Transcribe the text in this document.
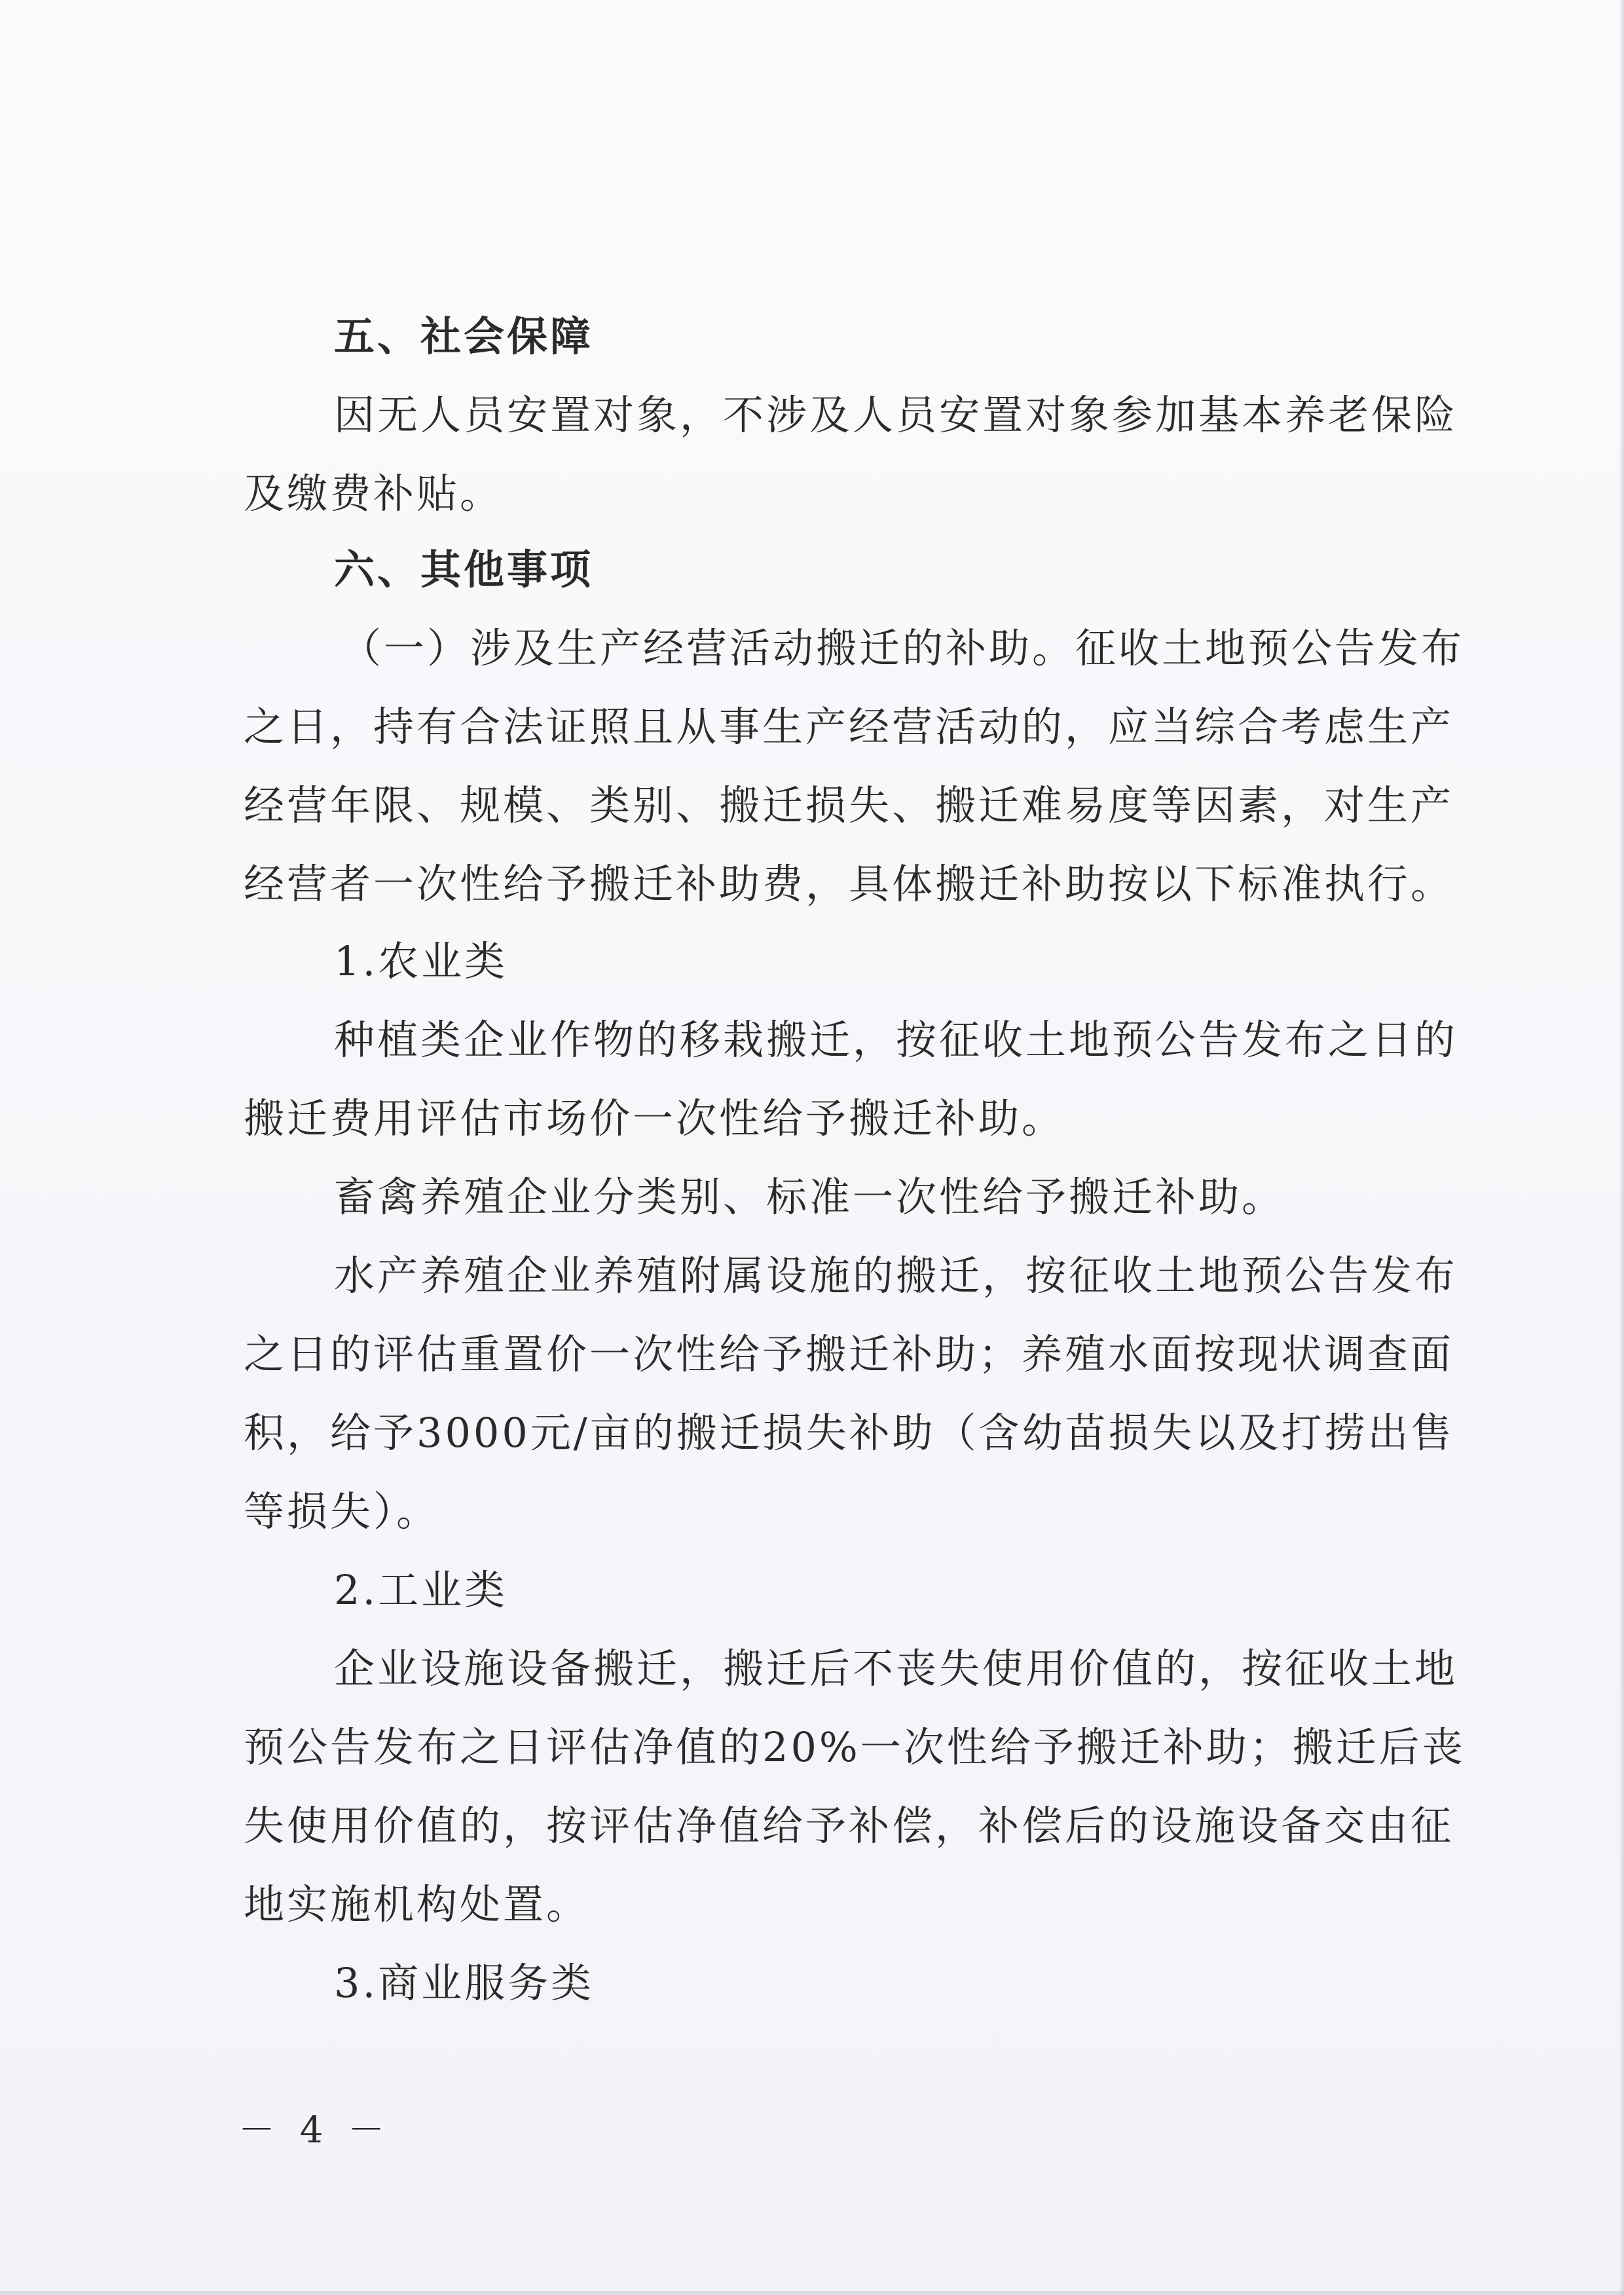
五、社会保障
因无人员安置对象，不涉及人员安置对象参加基本养老保险
及缴费补贴。
六、其他事项
（一）涉及生产经营活动搬迁的补助。征收土地预公告发布
之日，持有合法证照且从事生产经营活动的，应当综合考虑生产
经营年限、规模、类别、搬迁损失、搬迁难易度等因素，对生产
经营者一次性给予搬迁补助费，具体搬迁补助按以下标准执行。
1.农业类
种植类企业作物的移栽搬迁，按征收土地预公告发布之日的
搬迁费用评估市场价一次性给予搬迁补助。
畜禽养殖企业分类别、标准一次性给予搬迁补助。
水产养殖企业养殖附属设施的搬迁，按征收土地预公告发布
之日的评估重置价一次性给予搬迁补助；养殖水面按现状调查面
积，给予3000元/亩的搬迁损失补助（含幼苗损失以及打捞出售
等损失）。
2.工业类
企业设施设备搬迁，搬迁后不丧失使用价值的，按征收土地
预公告发布之日评估净值的20%一次性给予搬迁补助；搬迁后丧
失使用价值的，按评估净值给予补偿，补偿后的设施设备交由征
地实施机构处置。
3.商业服务类
－ 4 －
